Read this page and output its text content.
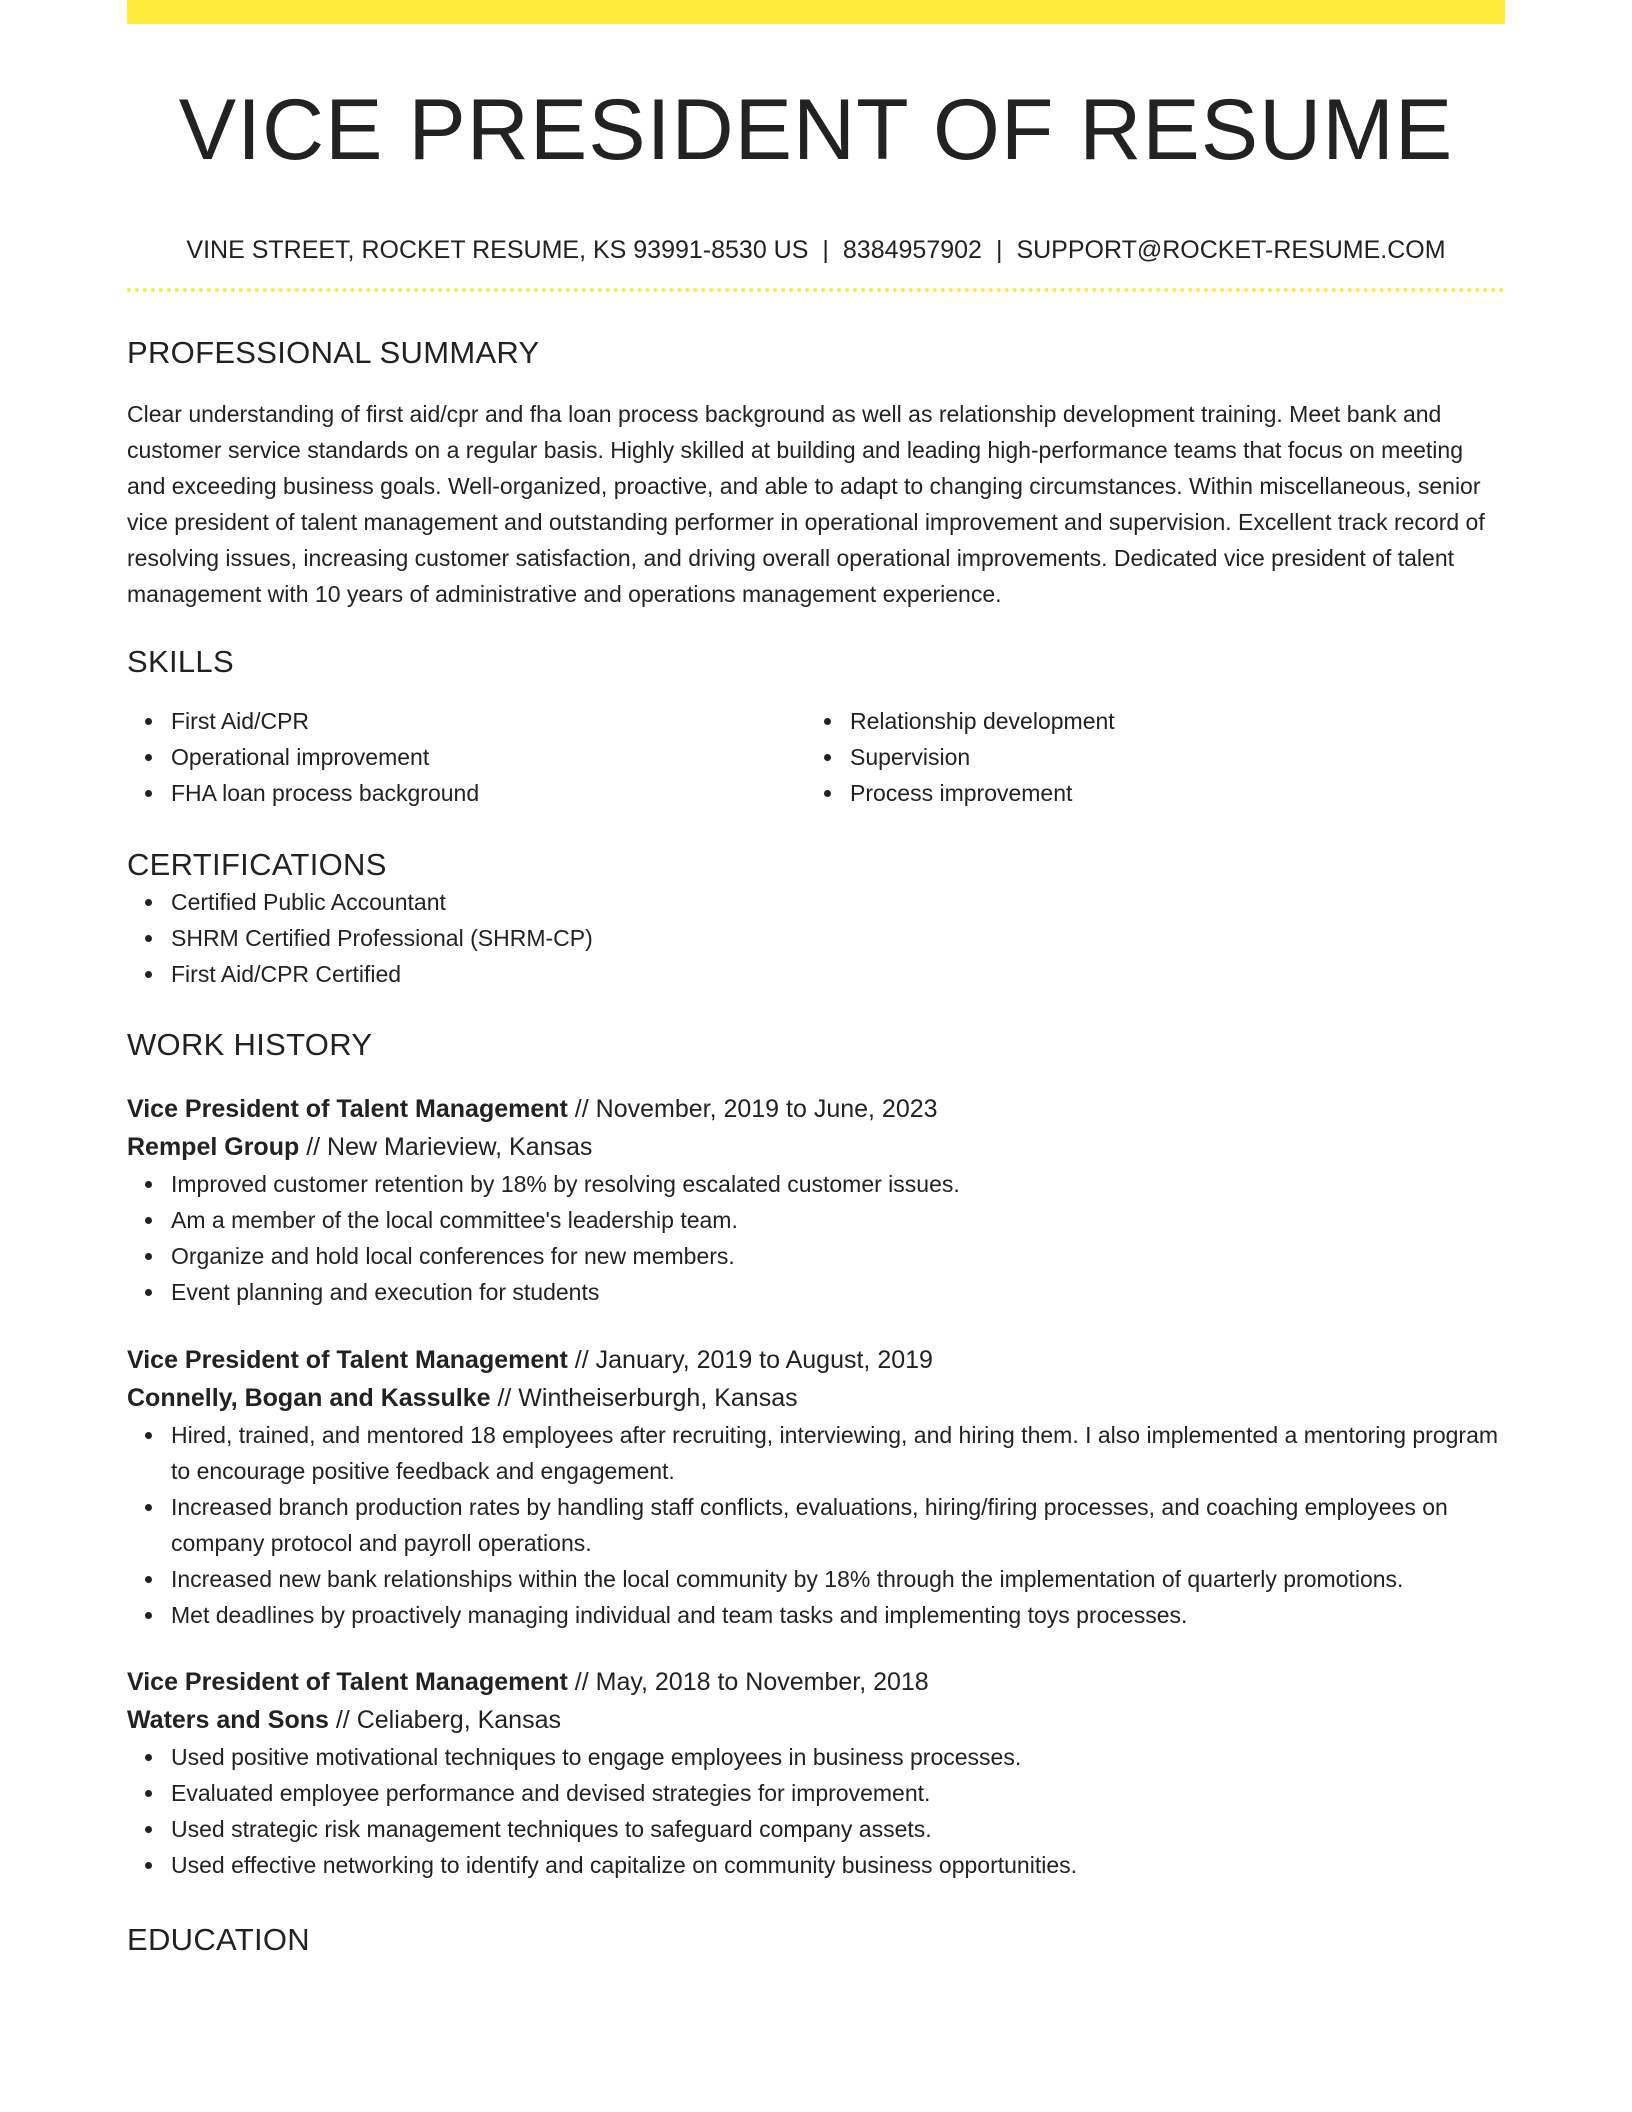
VICE PRESIDENT OF RESUME
VINE STREET, ROCKET RESUME, KS 93991-8530 US | 8384957902 | SUPPORT@ROCKET-RESUME.COM
PROFESSIONAL SUMMARY
Clear understanding of first aid/cpr and fha loan process background as well as relationship development training. Meet bank and customer service standards on a regular basis. Highly skilled at building and leading high-performance teams that focus on meeting and exceeding business goals. Well-organized, proactive, and able to adapt to changing circumstances. Within miscellaneous, senior vice president of talent management and outstanding performer in operational improvement and supervision. Excellent track record of resolving issues, increasing customer satisfaction, and driving overall operational improvements. Dedicated vice president of talent management with 10 years of administrative and operations management experience.
SKILLS
First Aid/CPR
Operational improvement
FHA loan process background
Relationship development
Supervision
Process improvement
CERTIFICATIONS
Certified Public Accountant
SHRM Certified Professional (SHRM-CP)
First Aid/CPR Certified
WORK HISTORY
Vice President of Talent Management // November, 2019 to June, 2023
Rempel Group // New Marieview, Kansas
Improved customer retention by 18% by resolving escalated customer issues.
Am a member of the local committee's leadership team.
Organize and hold local conferences for new members.
Event planning and execution for students
Vice President of Talent Management // January, 2019 to August, 2019
Connelly, Bogan and Kassulke // Wintheiserburgh, Kansas
Hired, trained, and mentored 18 employees after recruiting, interviewing, and hiring them. I also implemented a mentoring program to encourage positive feedback and engagement.
Increased branch production rates by handling staff conflicts, evaluations, hiring/firing processes, and coaching employees on company protocol and payroll operations.
Increased new bank relationships within the local community by 18% through the implementation of quarterly promotions.
Met deadlines by proactively managing individual and team tasks and implementing toys processes.
Vice President of Talent Management // May, 2018 to November, 2018
Waters and Sons // Celiaberg, Kansas
Used positive motivational techniques to engage employees in business processes.
Evaluated employee performance and devised strategies for improvement.
Used strategic risk management techniques to safeguard company assets.
Used effective networking to identify and capitalize on community business opportunities.
EDUCATION
